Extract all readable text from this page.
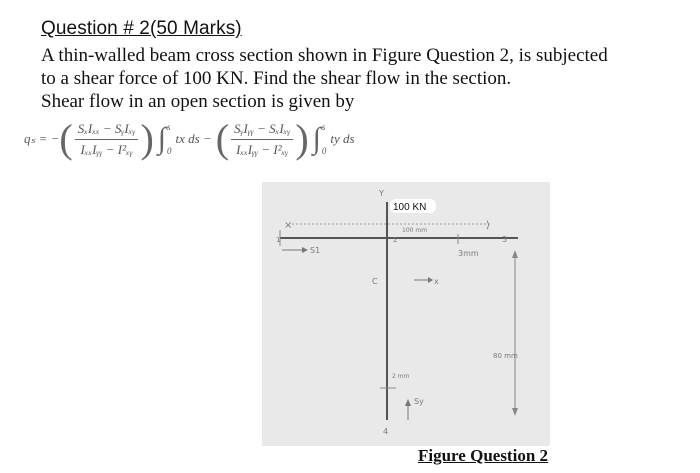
Question # 2(50 Marks)
A thin-walled beam cross section shown in Figure Question 2, is subjected
to a shear force of 100 KN. Find the shear flow in the section.
Shear flow in an open section is given by
qₛ = − ( $\frac{\text{SₓIₓₓ − SᵧIₓᵧ}}{\text{IₓₓIᵧᵧ − I²ₓᵧ}}$ ) ∫ s
0
tx ds − ( $\frac{\text{SᵧIᵧᵧ − SₓIₓᵧ}}{\text{IₓₓIᵧᵧ − I²ₓᵧ}}$ ) ∫ s
0
ty ds
×	⟩
S1
80 mm
3mm
3
100 mm
Y
2
1
100 KN
C	x
2 mm
Sy
4
Figure Question 2
